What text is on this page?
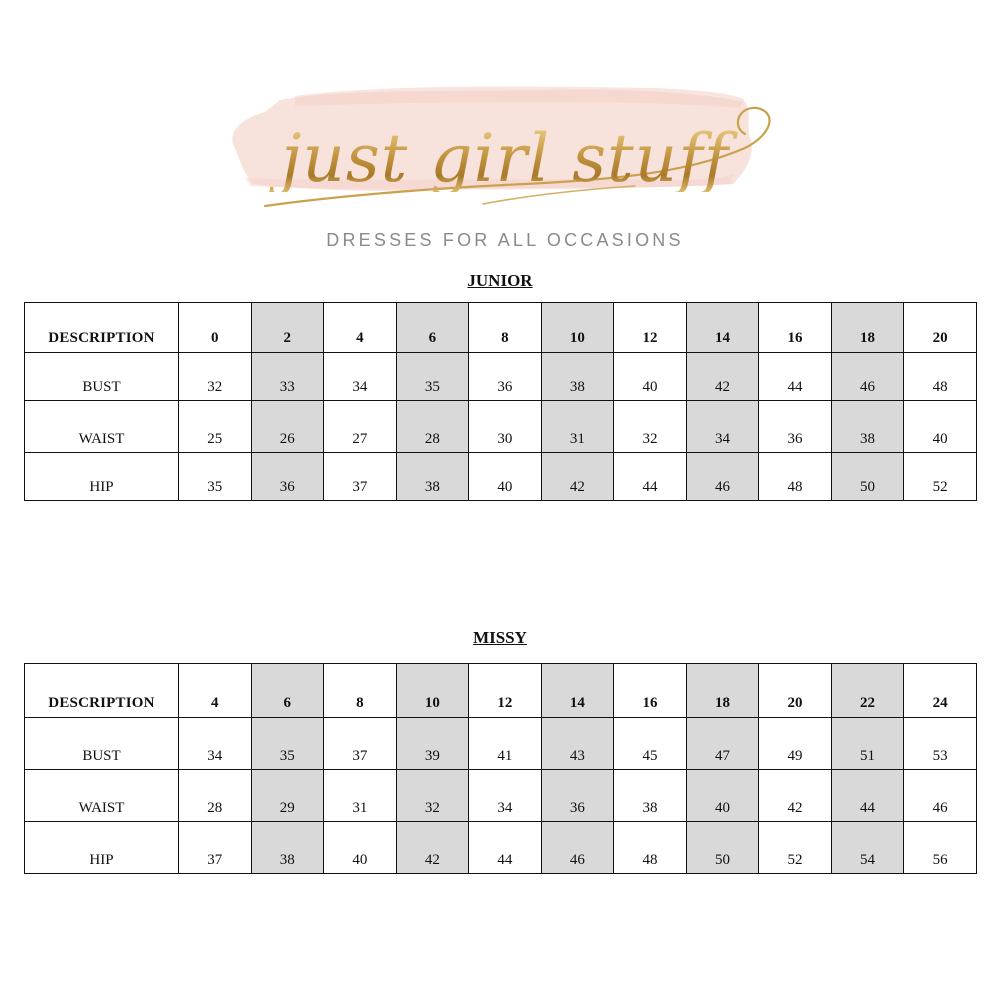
just girl stuff
DRESSES FOR ALL OCCASIONS
JUNIOR
DESCRIPTION	0	2	4	6	8	10	12	14	16	18	20
BUST	32	33	34	35	36	38	40	42	44	46	48
WAIST	25	26	27	28	30	31	32	34	36	38	40
HIP	35	36	37	38	40	42	44	46	48	50	52
MISSY
DESCRIPTION	4	6	8	10	12	14	16	18	20	22	24
BUST	34	35	37	39	41	43	45	47	49	51	53
WAIST	28	29	31	32	34	36	38	40	42	44	46
HIP	37	38	40	42	44	46	48	50	52	54	56
